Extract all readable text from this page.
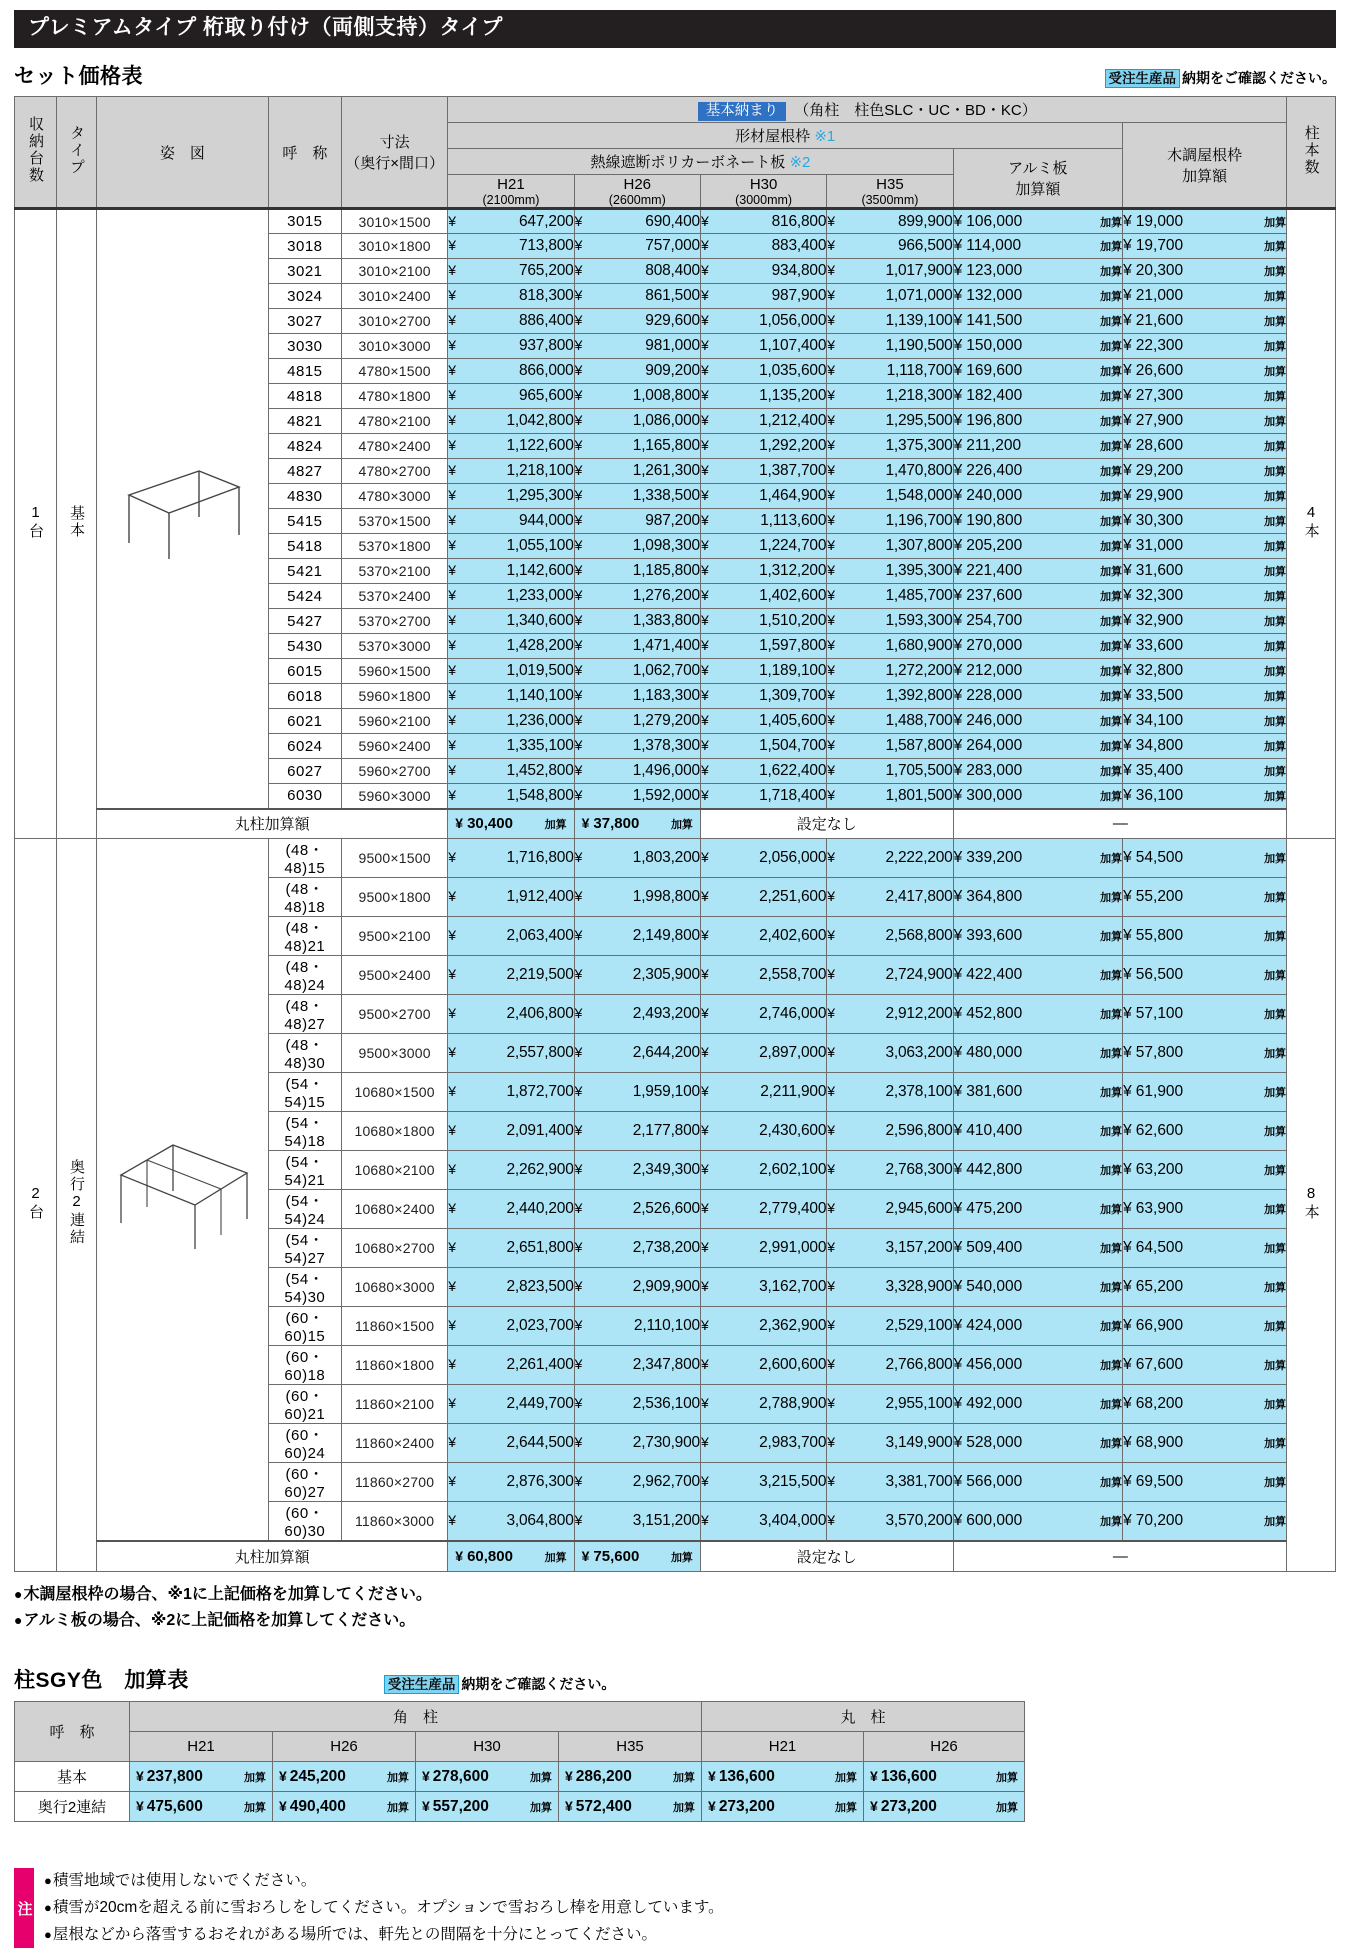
プレミアムタイプ 桁取り付け（両側支持）タイプ
セット価格表	受注生産品 納期をご確認ください。
収納台数	タイプ	姿　図	呼　称	寸法
（奥行×間口）	基本納まり （角柱　柱色SLC・UC・BD・KC）						柱本数
					形材屋根枠 ※1					木調屋根枠
加算額	

					熱線遮断ポリカーボネート板 ※2				アルミ板
加算額		

H21
(2100mm)

H26
(2600mm)

H30
(3000mm)

H35
(3500mm)

1台	基本		3015	3010×1500	¥ 647,200	¥ 690,400	¥ 816,800	¥ 899,900	¥ 106,000 加算	¥ 19,000 加算	4本
			3018	3010×1800	¥ 713,800	¥ 757,000	¥ 883,400	¥ 966,500	¥ 114,000 加算	¥ 19,700 加算	

			3021	3010×2100	¥ 765,200	¥ 808,400	¥ 934,800	¥ 1,017,900	¥ 123,000 加算	¥ 20,300 加算	

			3024	3010×2400	¥ 818,300	¥ 861,500	¥ 987,900	¥ 1,071,000	¥ 132,000 加算	¥ 21,000 加算	

			3027	3010×2700	¥ 886,400	¥ 929,600	¥ 1,056,000	¥ 1,139,100	¥ 141,500 加算	¥ 21,600 加算	

			3030	3010×3000	¥ 937,800	¥ 981,000	¥ 1,107,400	¥ 1,190,500	¥ 150,000 加算	¥ 22,300 加算	

			4815	4780×1500	¥ 866,000	¥ 909,200	¥ 1,035,600	¥ 1,118,700	¥ 169,600 加算	¥ 26,600 加算	

			4818	4780×1800	¥ 965,600	¥ 1,008,800	¥ 1,135,200	¥ 1,218,300	¥ 182,400 加算	¥ 27,300 加算	

			4821	4780×2100	¥ 1,042,800	¥ 1,086,000	¥ 1,212,400	¥ 1,295,500	¥ 196,800 加算	¥ 27,900 加算	

			4824	4780×2400	¥ 1,122,600	¥ 1,165,800	¥ 1,292,200	¥ 1,375,300	¥ 211,200 加算	¥ 28,600 加算	

			4827	4780×2700	¥ 1,218,100	¥ 1,261,300	¥ 1,387,700	¥ 1,470,800	¥ 226,400 加算	¥ 29,200 加算	

			4830	4780×3000	¥ 1,295,300	¥ 1,338,500	¥ 1,464,900	¥ 1,548,000	¥ 240,000 加算	¥ 29,900 加算	

			5415	5370×1500	¥ 944,000	¥ 987,200	¥ 1,113,600	¥ 1,196,700	¥ 190,800 加算	¥ 30,300 加算	

			5418	5370×1800	¥ 1,055,100	¥ 1,098,300	¥ 1,224,700	¥ 1,307,800	¥ 205,200 加算	¥ 31,000 加算	

			5421	5370×2100	¥ 1,142,600	¥ 1,185,800	¥ 1,312,200	¥ 1,395,300	¥ 221,400 加算	¥ 31,600 加算	

			5424	5370×2400	¥ 1,233,000	¥ 1,276,200	¥ 1,402,600	¥ 1,485,700	¥ 237,600 加算	¥ 32,300 加算	

			5427	5370×2700	¥ 1,340,600	¥ 1,383,800	¥ 1,510,200	¥ 1,593,300	¥ 254,700 加算	¥ 32,900 加算	

			5430	5370×3000	¥ 1,428,200	¥ 1,471,400	¥ 1,597,800	¥ 1,680,900	¥ 270,000 加算	¥ 33,600 加算	

			6015	5960×1500	¥ 1,019,500	¥ 1,062,700	¥ 1,189,100	¥ 1,272,200	¥ 212,000 加算	¥ 32,800 加算	

			6018	5960×1800	¥ 1,140,100	¥ 1,183,300	¥ 1,309,700	¥ 1,392,800	¥ 228,000 加算	¥ 33,500 加算	

			6021	5960×2100	¥ 1,236,000	¥ 1,279,200	¥ 1,405,600	¥ 1,488,700	¥ 246,000 加算	¥ 34,100 加算	

			6024	5960×2400	¥ 1,335,100	¥ 1,378,300	¥ 1,504,700	¥ 1,587,800	¥ 264,000 加算	¥ 34,800 加算	

			6027	5960×2700	¥ 1,452,800	¥ 1,496,000	¥ 1,622,400	¥ 1,705,500	¥ 283,000 加算	¥ 35,400 加算	

			6030	5960×3000	¥ 1,548,800	¥ 1,592,000	¥ 1,718,400	¥ 1,801,500	¥ 300,000 加算	¥ 36,100 加算	

		丸柱加算額			¥ 30,400 加算	¥ 37,800 加算	設定なし		—		
2台	奥行2連結		(48・48)15	9500×1500	¥ 1,716,800	¥ 1,803,200	¥ 2,056,000	¥ 2,222,200	¥ 339,200 加算	¥ 54,500 加算	8本
			(48・48)18	9500×1800	¥ 1,912,400	¥ 1,998,800	¥ 2,251,600	¥ 2,417,800	¥ 364,800 加算	¥ 55,200 加算	

			(48・48)21	9500×2100	¥ 2,063,400	¥ 2,149,800	¥ 2,402,600	¥ 2,568,800	¥ 393,600 加算	¥ 55,800 加算	

			(48・48)24	9500×2400	¥ 2,219,500	¥ 2,305,900	¥ 2,558,700	¥ 2,724,900	¥ 422,400 加算	¥ 56,500 加算	

			(48・48)27	9500×2700	¥ 2,406,800	¥ 2,493,200	¥ 2,746,000	¥ 2,912,200	¥ 452,800 加算	¥ 57,100 加算	

			(48・48)30	9500×3000	¥ 2,557,800	¥ 2,644,200	¥ 2,897,000	¥ 3,063,200	¥ 480,000 加算	¥ 57,800 加算	

			(54・54)15	10680×1500	¥ 1,872,700	¥ 1,959,100	¥ 2,211,900	¥ 2,378,100	¥ 381,600 加算	¥ 61,900 加算	

			(54・54)18	10680×1800	¥ 2,091,400	¥ 2,177,800	¥ 2,430,600	¥ 2,596,800	¥ 410,400 加算	¥ 62,600 加算	

			(54・54)21	10680×2100	¥ 2,262,900	¥ 2,349,300	¥ 2,602,100	¥ 2,768,300	¥ 442,800 加算	¥ 63,200 加算	

			(54・54)24	10680×2400	¥ 2,440,200	¥ 2,526,600	¥ 2,779,400	¥ 2,945,600	¥ 475,200 加算	¥ 63,900 加算	

			(54・54)27	10680×2700	¥ 2,651,800	¥ 2,738,200	¥ 2,991,000	¥ 3,157,200	¥ 509,400 加算	¥ 64,500 加算	

			(54・54)30	10680×3000	¥ 2,823,500	¥ 2,909,900	¥ 3,162,700	¥ 3,328,900	¥ 540,000 加算	¥ 65,200 加算	

			(60・60)15	11860×1500	¥ 2,023,700	¥ 2,110,100	¥ 2,362,900	¥ 2,529,100	¥ 424,000 加算	¥ 66,900 加算	

			(60・60)18	11860×1800	¥ 2,261,400	¥ 2,347,800	¥ 2,600,600	¥ 2,766,800	¥ 456,000 加算	¥ 67,600 加算	

			(60・60)21	11860×2100	¥ 2,449,700	¥ 2,536,100	¥ 2,788,900	¥ 2,955,100	¥ 492,000 加算	¥ 68,200 加算	

			(60・60)24	11860×2400	¥ 2,644,500	¥ 2,730,900	¥ 2,983,700	¥ 3,149,900	¥ 528,000 加算	¥ 68,900 加算	

			(60・60)27	11860×2700	¥ 2,876,300	¥ 2,962,700	¥ 3,215,500	¥ 3,381,700	¥ 566,000 加算	¥ 69,500 加算	

			(60・60)30	11860×3000	¥ 3,064,800	¥ 3,151,200	¥ 3,404,000	¥ 3,570,200	¥ 600,000 加算	¥ 70,200 加算	

		丸柱加算額			¥ 60,800 加算	¥ 75,600 加算	設定なし		—		
● 木調屋根枠の場合、※1に上記価格を加算してください。
● アルミ板の場合、※2に上記価格を加算してください。
柱SGY色　加算表	受注生産品 納期をご確認ください。
呼　称	角　柱				丸　柱	
	H21	H26	H30	H35	H21	H26
基本	¥ 237,800 加算	¥ 245,200 加算	¥ 278,600 加算	¥ 286,200 加算	¥ 136,600 加算	¥ 136,600 加算

奥行2連結	¥ 475,600 加算	¥ 490,400 加算	¥ 557,200 加算	¥ 572,400 加算	¥ 273,200 加算	¥ 273,200 加算
注
● 積雪地域では使用しないでください。
● 積雪が20cmを超える前に雪おろしをしてください。オプションで雪おろし棒を用意しています。
● 屋根などから落雪するおそれがある場所では、軒先との間隔を十分にとってください。
